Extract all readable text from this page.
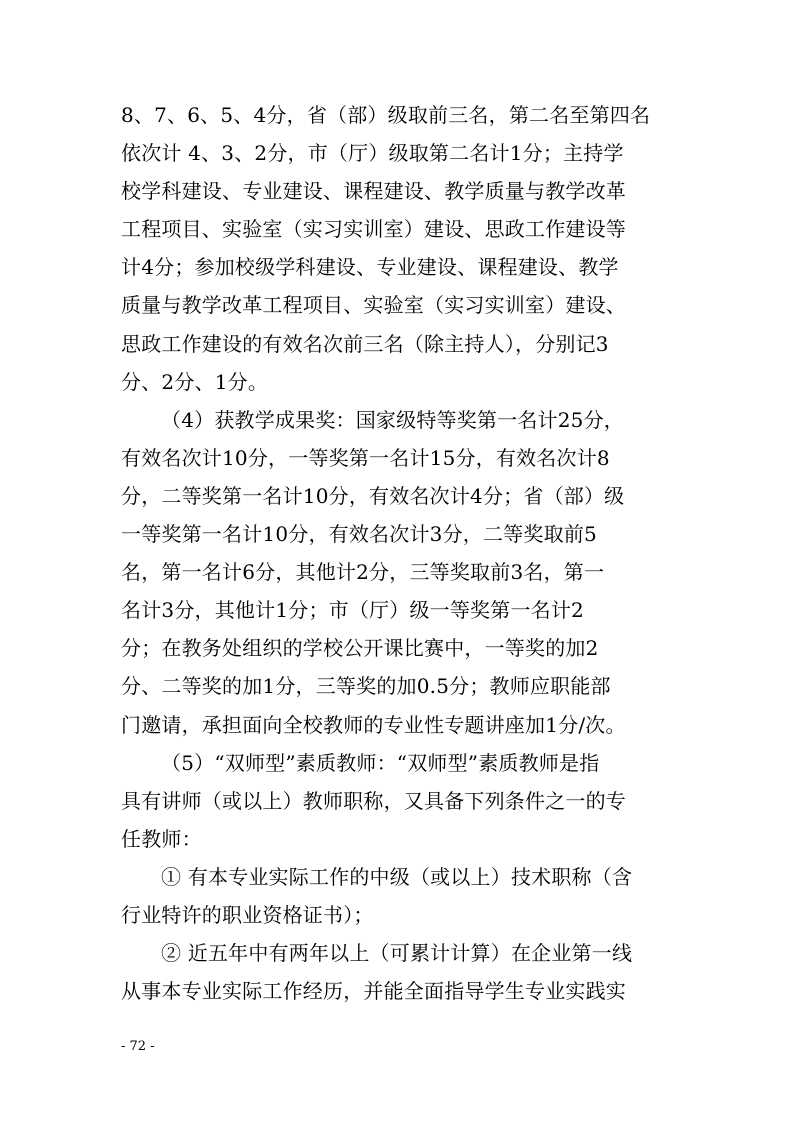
8、7、6、5、4分，省（部）级取前三名，第二名至第四名
依次计 4、3、2分，市（厅）级取第二名计1分；主持学
校学科建设、专业建设、课程建设、教学质量与教学改革
工程项目、实验室（实习实训室）建设、思政工作建设等
计4分；参加校级学科建设、专业建设、课程建设、教学
质量与教学改革工程项目、实验室（实习实训室）建设、
思政工作建设的有效名次前三名（除主持人），分别记3
分、2分、1分。
（4）获教学成果奖：国家级特等奖第一名计25分，
有效名次计10分，一等奖第一名计15分，有效名次计8
分，二等奖第一名计10分，有效名次计4分；省（部）级
一等奖第一名计10分，有效名次计3分，二等奖取前5
名，第一名计6分，其他计2分，三等奖取前3名，第一
名计3分，其他计1分；市（厅）级一等奖第一名计2
分；在教务处组织的学校公开课比赛中，一等奖的加2
分、二等奖的加1分，三等奖的加0.5分；教师应职能部
门邀请，承担面向全校教师的专业性专题讲座加1分/次。
（5）“双师型”素质教师：“双师型”素质教师是指
具有讲师（或以上）教师职称，又具备下列条件之一的专
任教师：
① 有本专业实际工作的中级（或以上）技术职称（含
行业特许的职业资格证书）；
② 近五年中有两年以上（可累计计算）在企业第一线
从事本专业实际工作经历，并能全面指导学生专业实践实
- 72 -
